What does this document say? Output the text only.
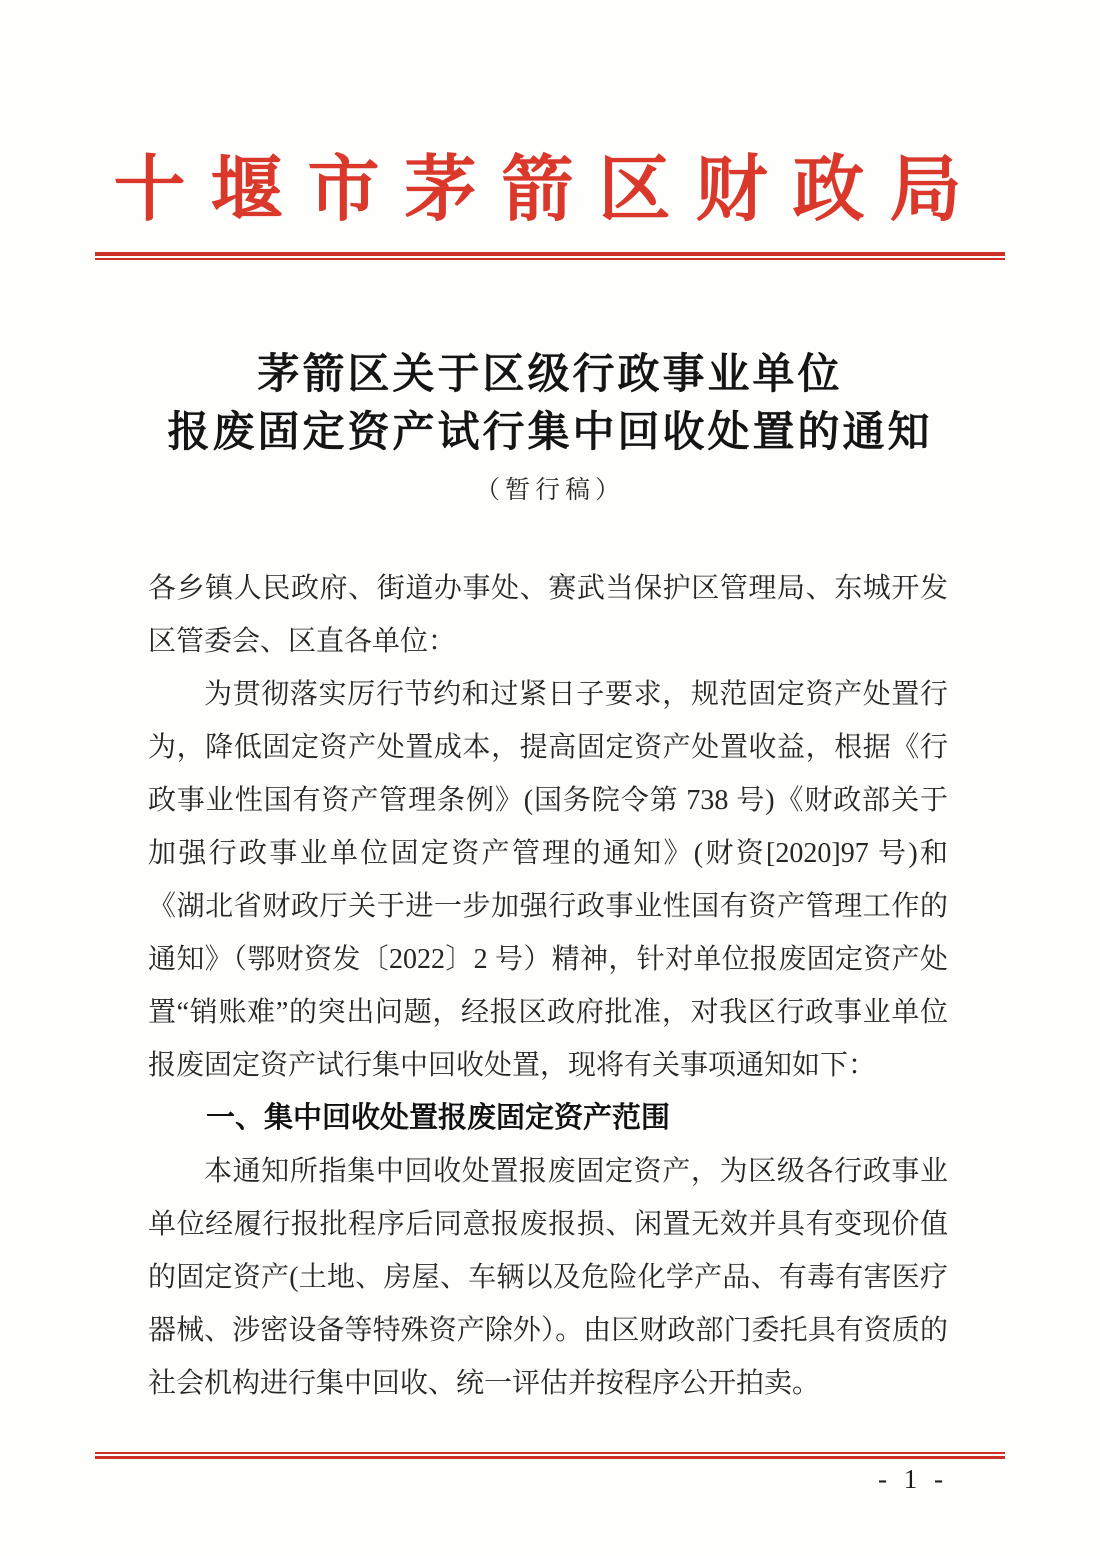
十堰市茅箭区财政局
茅箭区关于区级行政事业单位
报废固定资产试行集中回收处置的通知
（暂行稿）

各乡镇人民政府、街道办事处、赛武当保护区管理局、东城开发区管委会、区直各单位：

为贯彻落实厉行节约和过紧日子要求，规范固定资产处置行为，降低固定资产处置成本，提高固定资产处置收益，根据《行政事业性国有资产管理条例》(国务院令第 738 号)《财政部关于加强行政事业单位固定资产管理的通知》(财资[2020]97 号)和《湖北省财政厅关于进一步加强行政事业性国有资产管理工作的通知》（鄂财资发〔2022〕2 号）精神，针对单位报废固定资产处置“销账难”的突出问题，经报区政府批准，对我区行政事业单位报废固定资产试行集中回收处置，现将有关事项通知如下：

一、集中回收处置报废固定资产范围

本通知所指集中回收处置报废固定资产，为区级各行政事业单位经履行报批程序后同意报废报损、闲置无效并具有变现价值的固定资产(土地、房屋、车辆以及危险化学产品、有毒有害医疗器械、涉密设备等特殊资产除外）。由区财政部门委托具有资质的社会机构进行集中回收、统一评估并按程序公开拍卖。

- 1 -
